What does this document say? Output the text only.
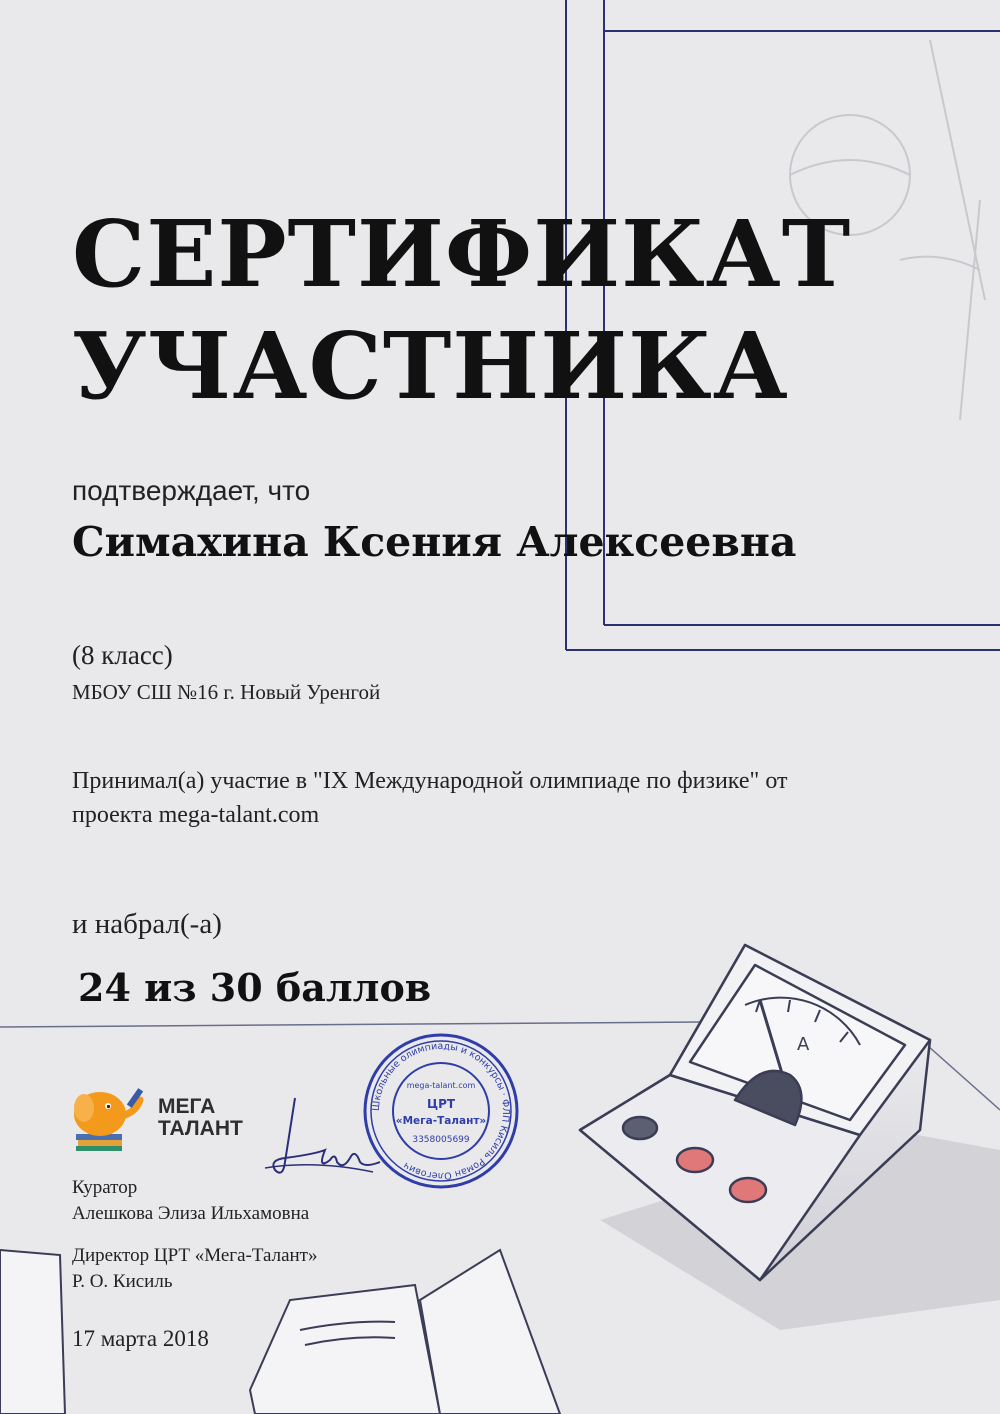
A
СЕРТИФИКАТ
УЧАСТНИКА
подтверждает, что
Симахина Ксения Алексеевна
(8 класс)
МБОУ СШ №16 г. Новый Уренгой
Принимал(а) участие в "IX Международной олимпиаде по физике" от проекта mega-talant.com
и набрал(-а)
24 из 30 баллов
МЕГА
ТАЛАНТ
Школьные олимпиады и конкурсы · ФЛП Кисиль Роман Олегович
mega-talant.com
ЦРТ
«Мега-Талант»
3358005699
Куратор
Алешкова Элиза Ильхамовна
Директор ЦРТ «Мега-Талант»
Р. О. Кисиль
17 марта 2018
